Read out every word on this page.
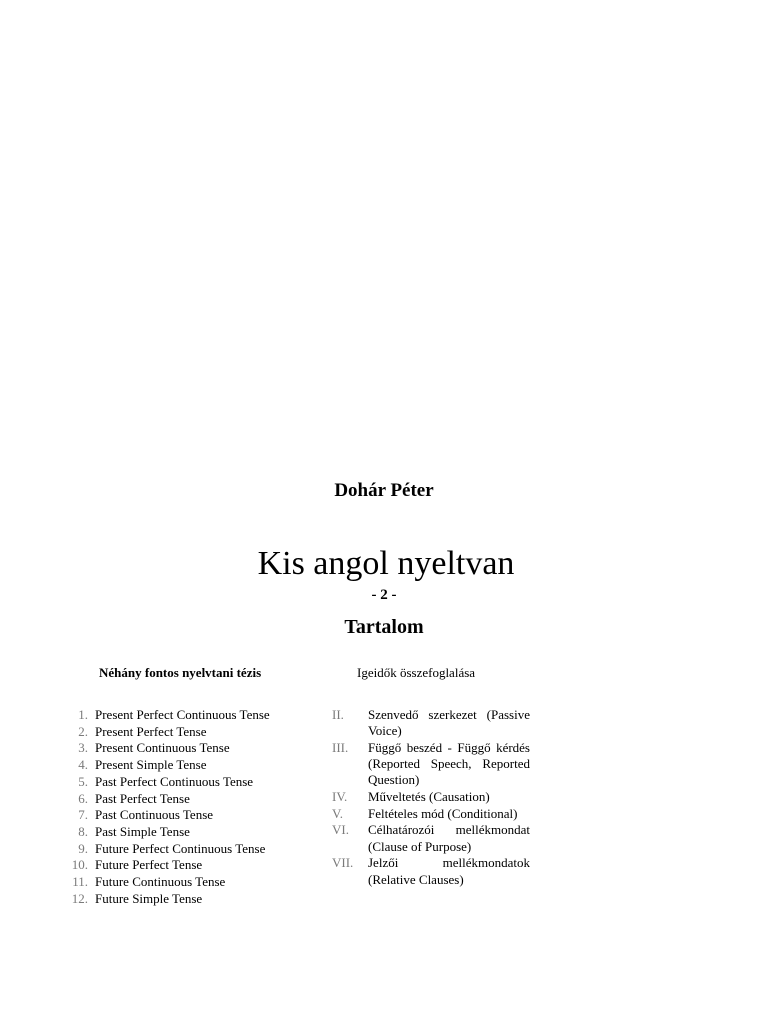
Dohár Péter
Kis angol nyeltvan
- 2 -
Tartalom
Néhány fontos nyelvtani tézis	Igeidők összefoglalása
1. Present Perfect Continuous Tense
2. Present Perfect Tense
3. Present Continuous Tense
4. Present Simple Tense
5. Past Perfect Continuous Tense
6. Past Perfect Tense
7. Past Continuous Tense
8. Past Simple Tense
9. Future Perfect Continuous Tense
10. Future Perfect Tense
11. Future Continuous Tense
12. Future Simple Tense
II. Szenvedő szerkezet (Passive Voice)
III. Függő beszéd - Függő kérdés (Reported Speech, Reported Question)
IV. Műveltetés (Causation)
V. Feltételes mód (Conditional)
VI. Célhatározói mellékmondat (Clause of Purpose)
VII. Jelzői mellékmondatok (Relative Clauses)
